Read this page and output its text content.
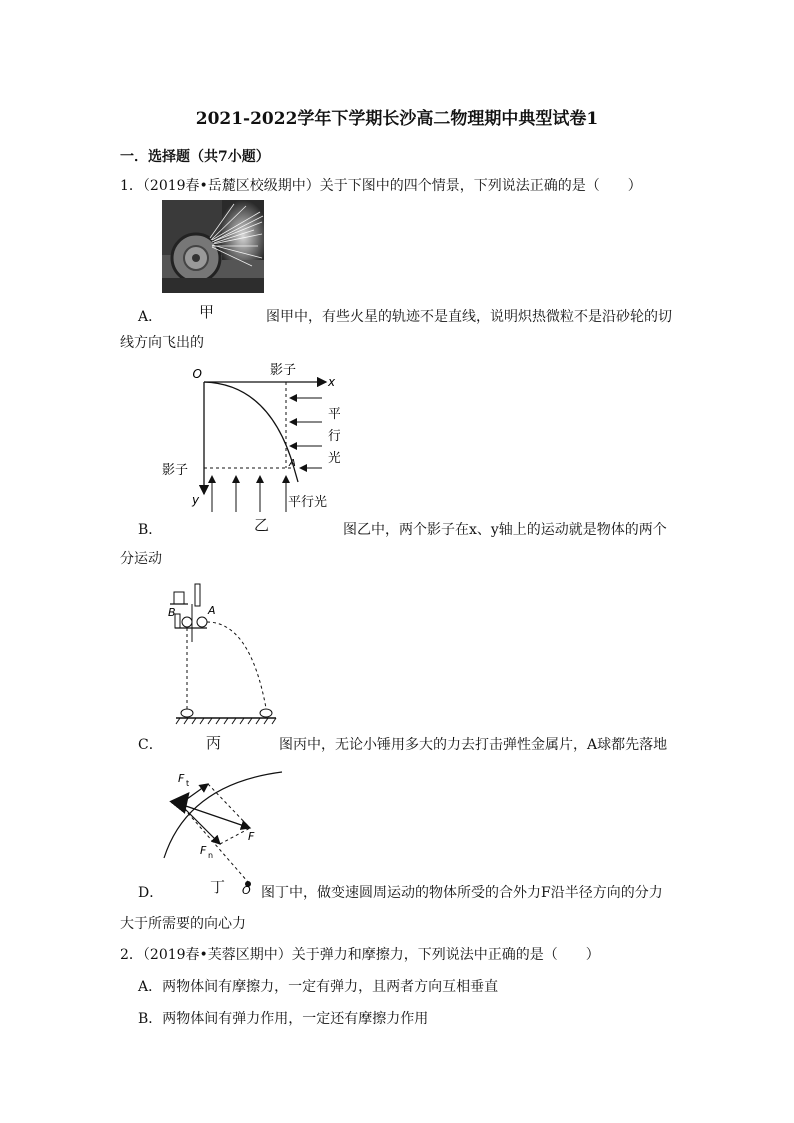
2021-2022学年下学期长沙高二物理期中典型试卷1
一．选择题（共7小题）
1．（2019春•岳麓区校级期中）关于下图中的四个情景，下列说法正确的是（　　）
甲
A．	图甲中，有些火星的轨迹不是直线，说明炽热微粒不是沿砂轮的切
线方向飞出的
O
x
y
A
影子
影子
平
行
光
平行光
乙
B．	图乙中，两个影子在x、y轴上的运动就是物体的两个
分运动
B	A
丙
C．	图丙中，无论小锤用多大的力去打击弹性金属片，A球都先落地
F t
F
F n
O
丁
D．	图丁中，做变速圆周运动的物体所受的合外力F沿半径方向的分力
大于所需要的向心力
2．（2019春•芙蓉区期中）关于弹力和摩擦力，下列说法中正确的是（　　）
A．两物体间有摩擦力，一定有弹力，且两者方向互相垂直
B．两物体间有弹力作用，一定还有摩擦力作用
